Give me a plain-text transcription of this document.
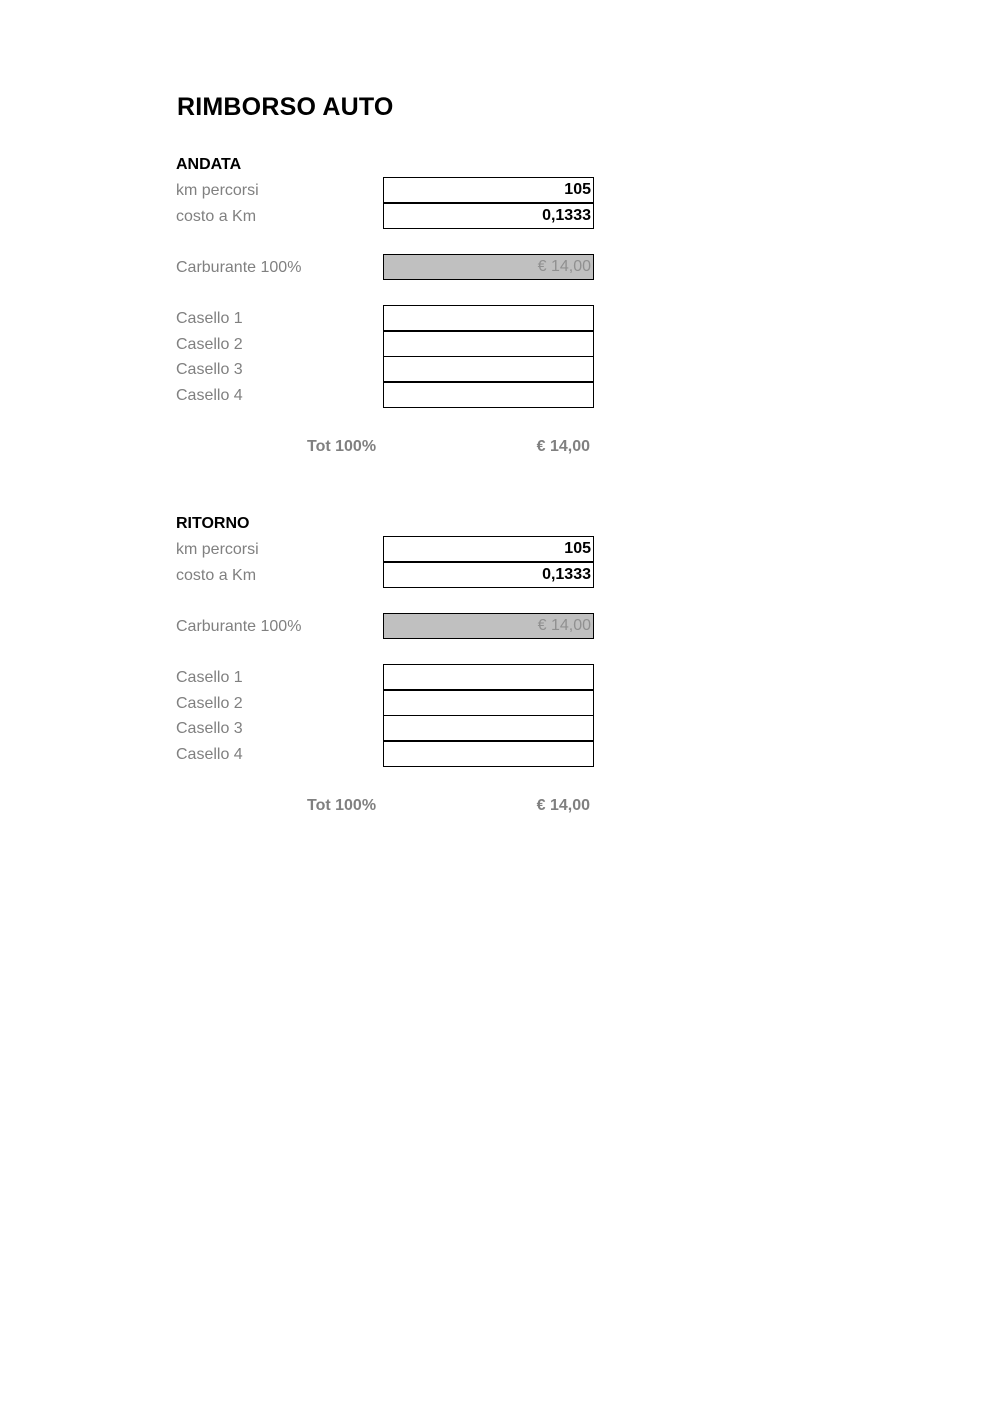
RIMBORSO AUTO
ANDATA
km percorsi	105
costo a Km	0,1333
Carburante 100%	€ 14,00
Casello 1
Casello 2
Casello 3
Casello 4
Tot 100%	€ 14,00
RITORNO
km percorsi	105
costo a Km	0,1333
Carburante 100%	€ 14,00
Casello 1
Casello 2
Casello 3
Casello 4
Tot 100%	€ 14,00
